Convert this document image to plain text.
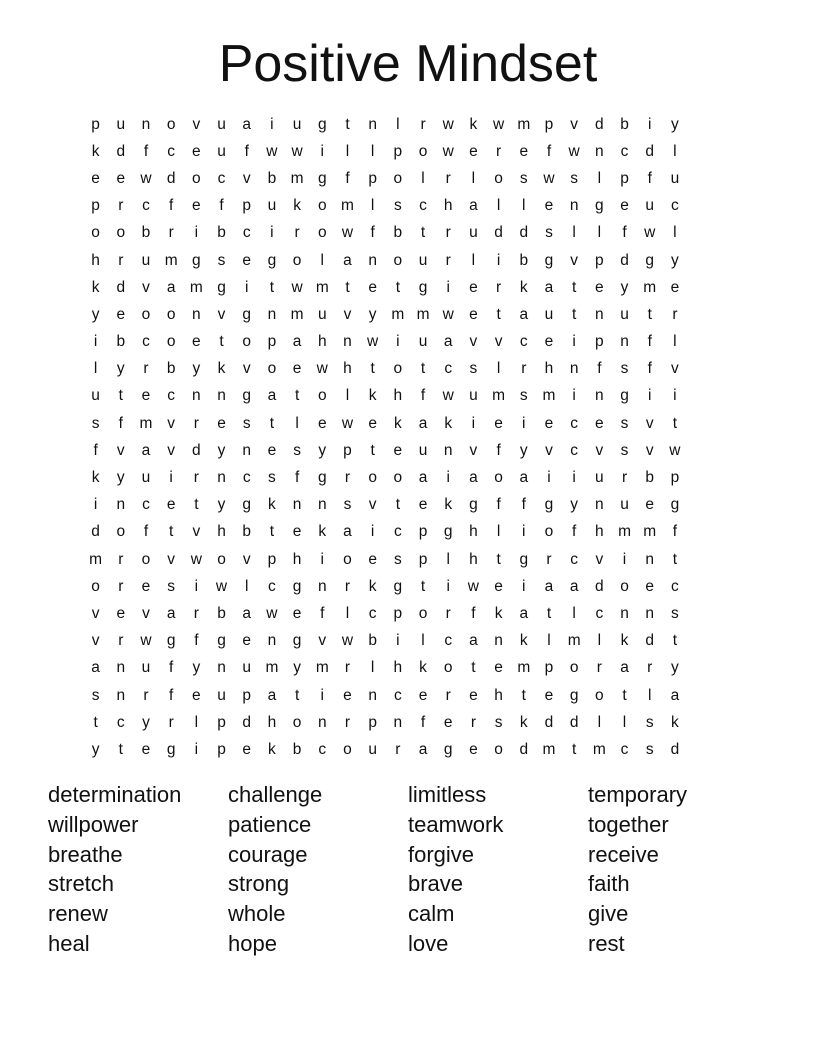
Positive Mindset
p	u	n	o	v	u	a	i	u	g	t	n	l	r	w	k	w m p	v	d	b	i	y
k	d	f	c	e	u	f	w w	i	l	l	p	o w e	r	e	f	w n	c	d	l
e	e w d	o	c	v	b m g	f	p	o	l	r	l	o	s	w	s	l	p	f	u
p	r	c	f	e	f	p	u	k	o m	l	s	c	h	a	l	l	e	n	g	e	u	c
o	o	b	r	i	b	c	i	r	o w	f	b	t	r	u	d	d	s	l	l	f	w	l
h	r	u m g	s	e	g	o	l	a	n	o	u	r	l	i	b	g	v	p	d	g	y
k	d	v	a m g	i	t	w m	t	e	t	g	i	e	r	k	a	t	e	y m e
y	e	o	o	n	v	g	n m u	v	y m m w e	t	a	u	t	n	u	t	r
i	b	c	o	e	t	o	p	a	h	n w	i	u	a	v	v	c	e	i	p	n	f	l
l	y	r	b	y	k	v	o	e w h	t	o	t	c	s	l	r	h	n	f	s	f	v
u	t	e	c	n	n	g	a	t	o	l	k	h	f	w u m s m	i	n	g	i	i
s	f	m v	r	e	s	t	l	e w e	k	a	k	i	e	i	e	c	e	s	v	t
f	v	a	v	d	y	n	e	s	y	p	t	e	u	n	v	f	y	v	c	v	s	v	w
k	y	u	i	r	n	c	s	f	g	r	o	o	a	i	a	o	a	i	i	u	r	b	p
i	n	c	e	t	y	g	k	n	n	s	v	t	e	k	g	f	f	g	y	n	u	e	g
d	o	f	t	v	h	b	t	e	k	a	i	c	p	g	h	l	i	o	f	h m m	f
m	r	o	v	w o	v	p	h	i	o	e	s	p	l	h	t	g	r	c	v	i	n	t
o	r	e	s	i	w	l	c	g	n	r	k	g	t	i	w e	i	a	a	d	o	e	c
v	e	v	a	r	b	a w e	f	l	c	p	o	r	f	k	a	t	l	c	n	n	s
v	r	w g	f	g	e	n	g	v	w b	i	l	c	a	n	k	l	m	l	k	d	t
a	n	u	f	y	n	u m y m	r	l	h	k	o	t	e m p	o	r	a	r	y
s	n	r	f	e	u	p	a	t	i	e	n	c	e	r	e	h	t	e	g	o	t	l	a
t	c	y	r	l	p	d	h	o	n	r	p	n	f	e	r	s	k	d	d	l	l	s	k
y	t	e	g	i	p	e	k	b	c	o	u	r	a	g	e	o	d m	t	m c	s	d
determination	challenge	limitless	temporary
willpower	patience	teamwork	together
breathe	courage	forgive	receive
stretch	strong	brave	faith
renew	whole	calm	give
heal	hope	love	rest
